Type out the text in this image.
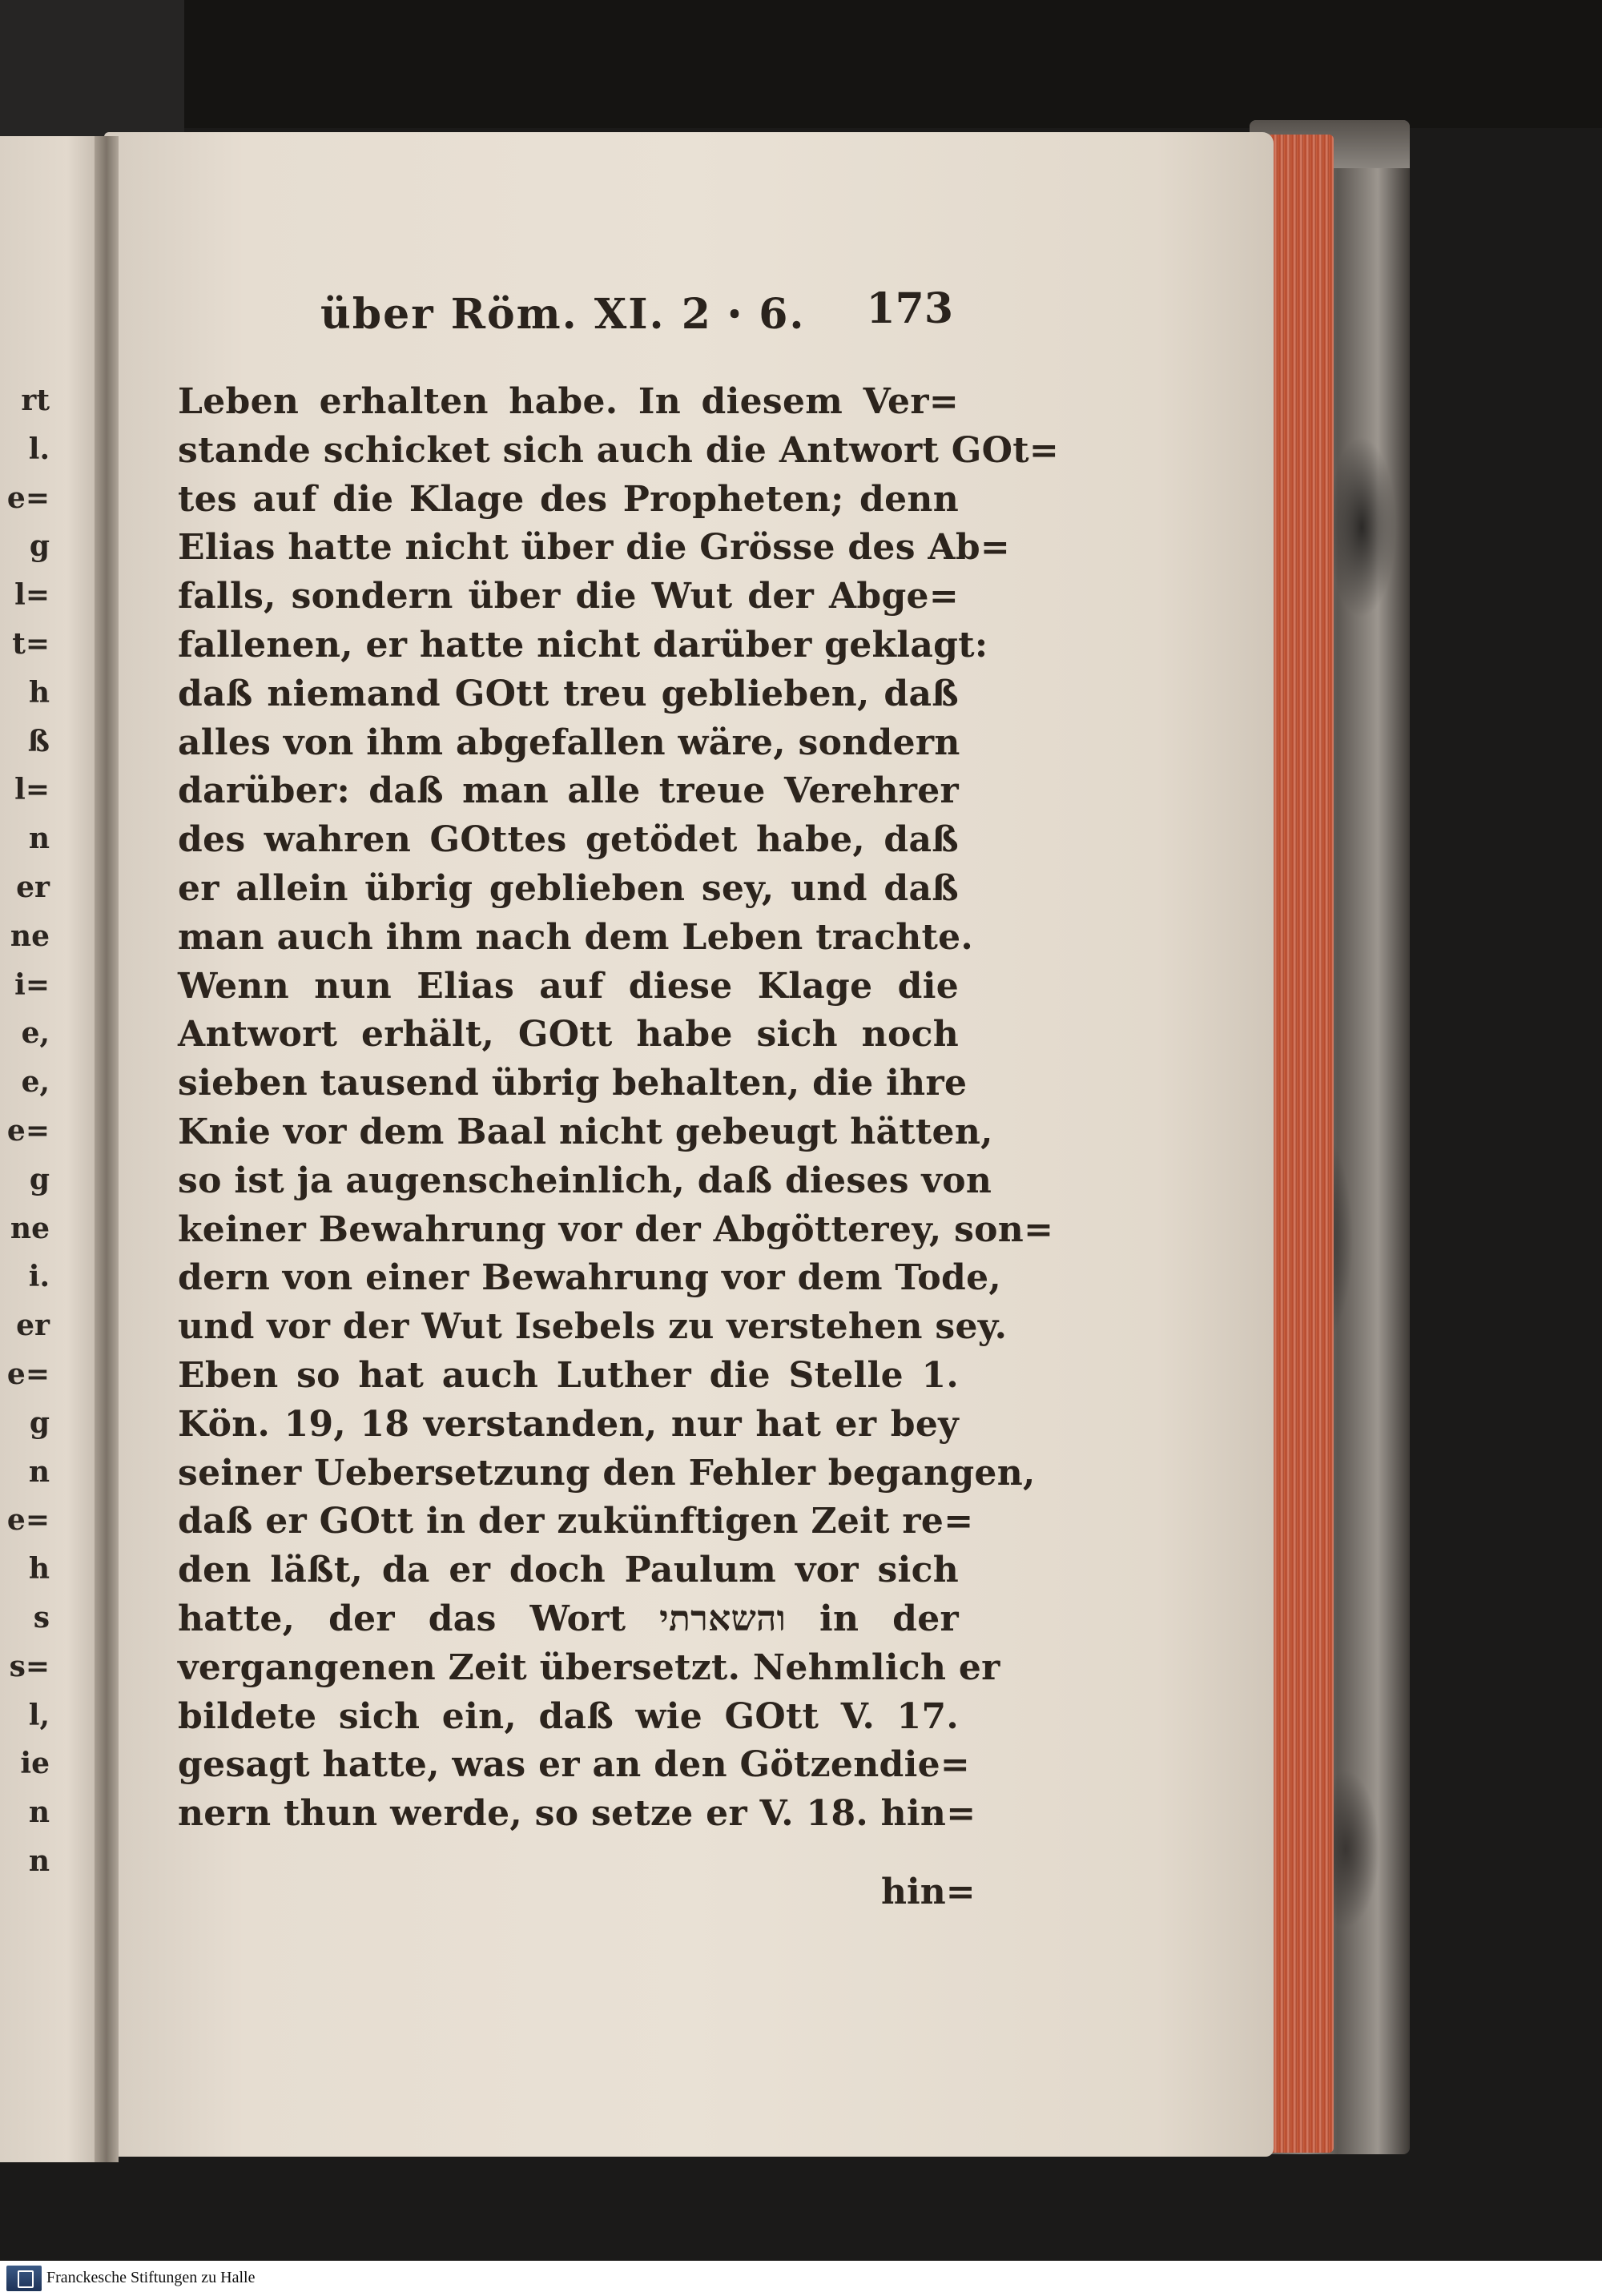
rt
l.
e=
g
l=
t=
h
ß
l=
n
er
ne
i=
e,
e,
e=
g
ne
i.
er
e=
g
n
e=
h
s
s=
l,
ie
n
n
über Röm. XI. 2 ꞏ 6. 173

Leben erhalten habe. In diesem Ver=

stande schicket sich auch die Antwort GOt=

tes auf die Klage des Propheten; denn

Elias hatte nicht über die Grösse des Ab=

falls, sondern über die Wut der Abge=

fallenen, er hatte nicht darüber geklagt:

daß niemand GOtt treu geblieben, daß

alles von ihm abgefallen wäre, sondern

darüber: daß man alle treue Verehrer

des wahren GOttes getödet habe, daß

er allein übrig geblieben sey, und daß

man auch ihm nach dem Leben trachte.

Wenn nun Elias auf diese Klage die

Antwort erhält, GOtt habe sich noch

sieben tausend übrig behalten, die ihre

Knie vor dem Baal nicht gebeugt hätten,

so ist ja augenscheinlich, daß dieses von

keiner Bewahrung vor der Abgötterey, son=

dern von einer Bewahrung vor dem Tode,

und vor der Wut Isebels zu verstehen sey.

Eben so hat auch Luther die Stelle 1.

Kön. 19, 18 verstanden, nur hat er bey

seiner Uebersetzung den Fehler begangen,

daß er GOtt in der zukünftigen Zeit re=

den läßt, da er doch Paulum vor sich

hatte, der das Wort והשארתי in der

vergangenen Zeit übersetzt. Nehmlich er

bildete sich ein, daß wie GOtt V. 17.

gesagt hatte, was er an den Götzendie=

nern thun werde, so setze er V. 18. hin=

hin=
Franckesche Stiftungen zu Halle
